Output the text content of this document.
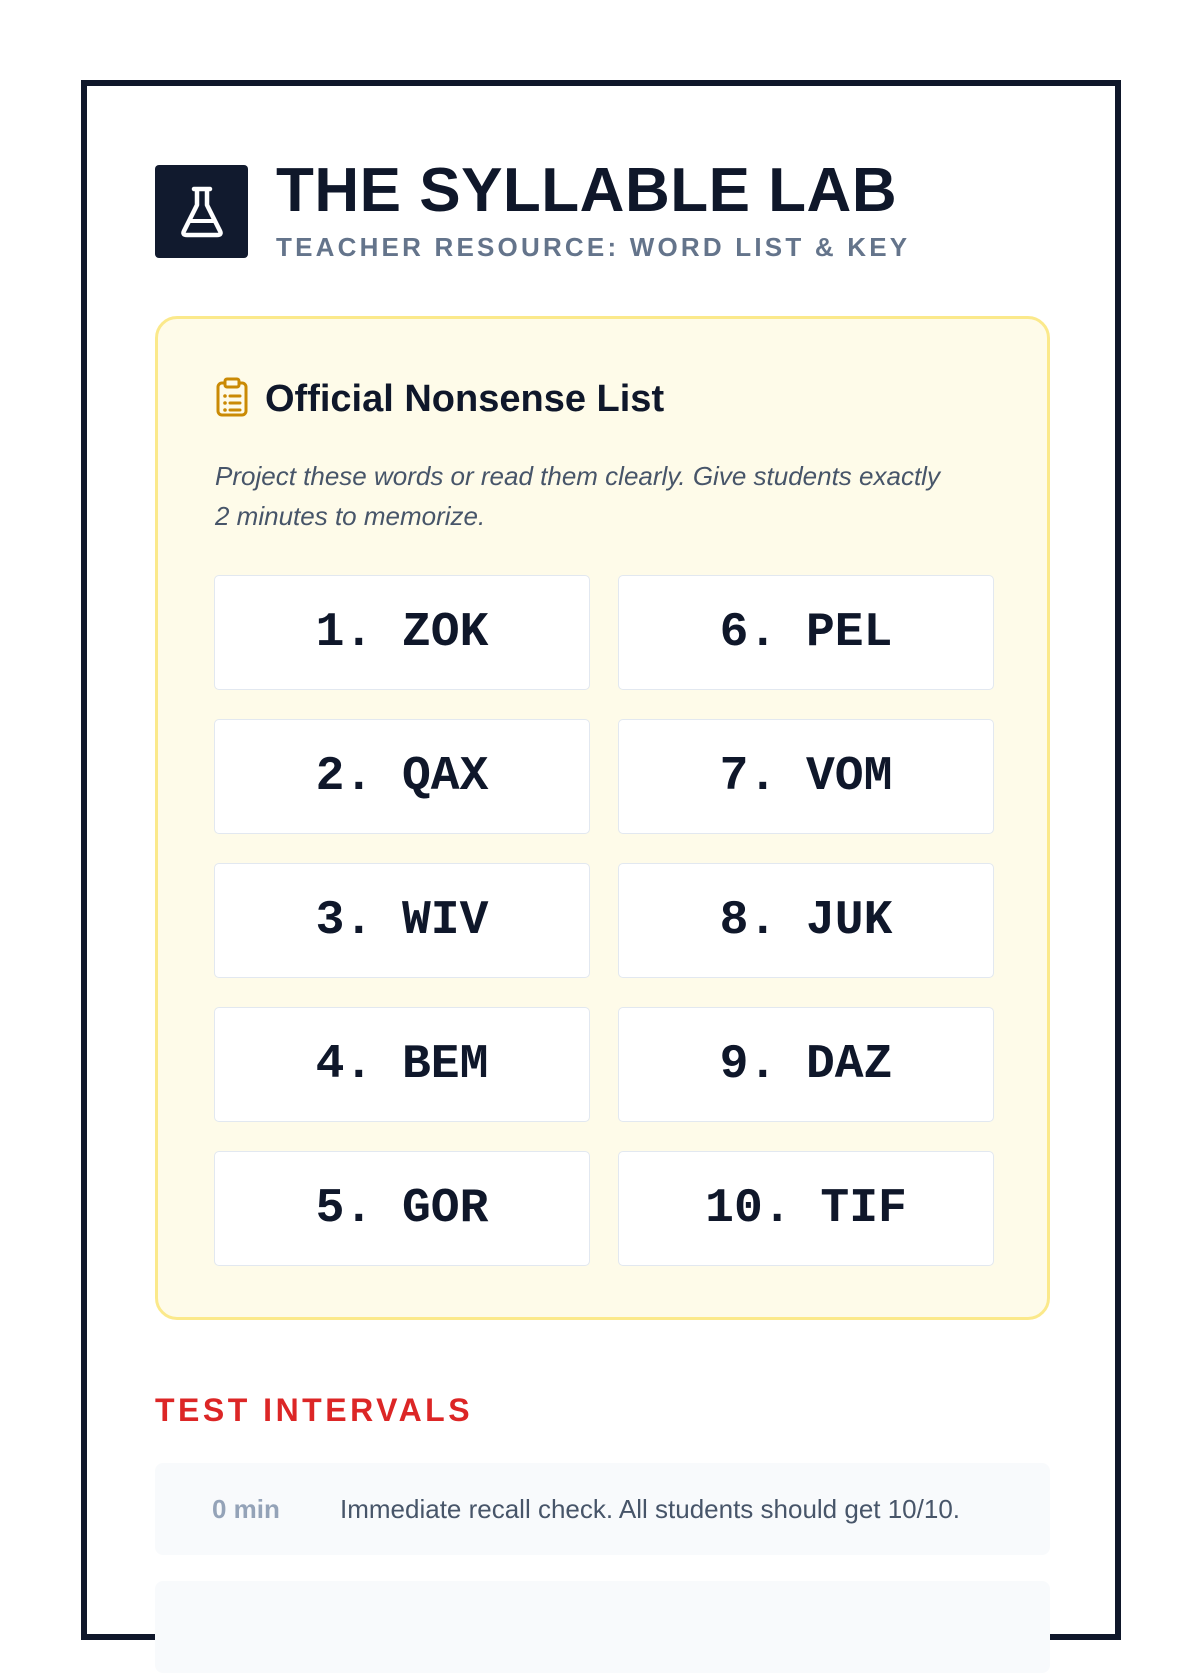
THE SYLLABLE LAB
TEACHER RESOURCE: WORD LIST & KEY
Official Nonsense List
Project these words or read them clearly. Give students exactly 2 minutes to memorize.
1. ZOK
2. QAX
3. WIV
4. BEM
5. GOR
6. PEL
7. VOM
8. JUK
9. DAZ
10. TIF
TEST INTERVALS
0 min	Immediate recall check. All students should get 10/10.
